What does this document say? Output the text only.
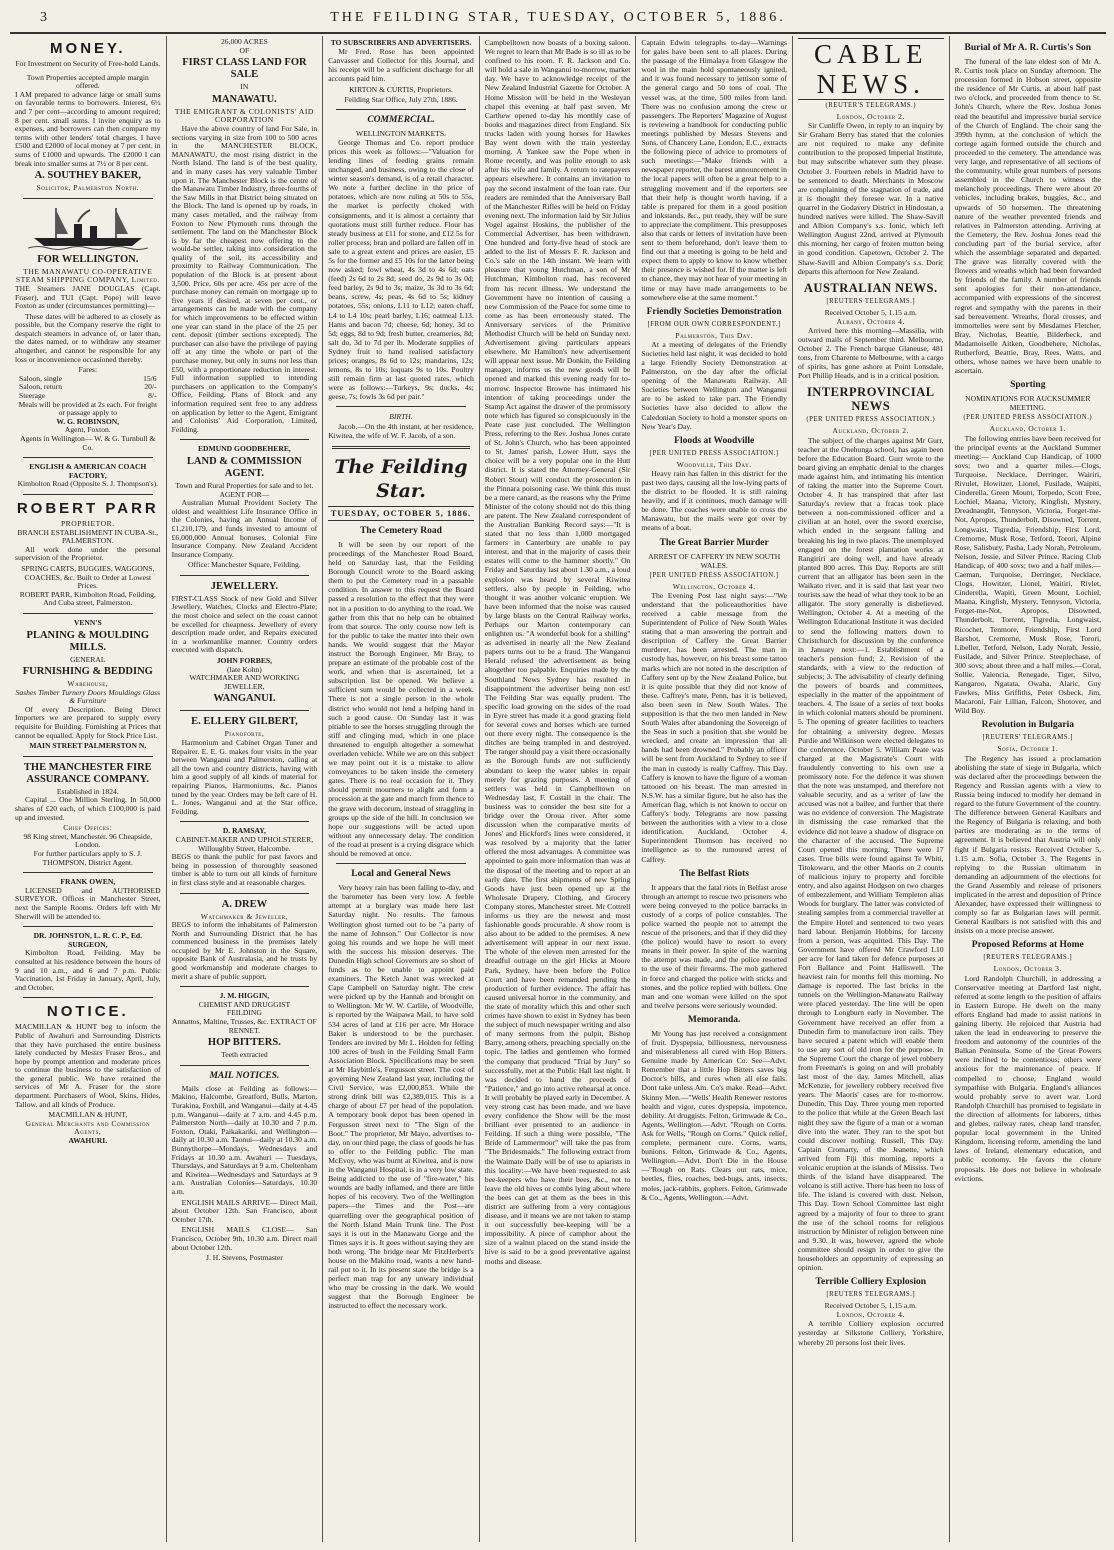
3	THE FEILDING STAR, TUESDAY, OCTOBER 5, 1886.
MONEY.
For Investment on Security of Free-hold Lands.
Town Properties accepted ample margin offered.

I AM prepared to advance large or small sums on favorable terms to borrowers. Interest, 6½ and 7 per cent—according to amount required; 8 per cent. small sums. I invite enquiry as to expenses, and borrowers can then compare my terms with other lenders' total charges. I have £500 and £2000 of local money at 7 per cent. in sums of £1000 and upwards. The £2000 I can break into smaller sums at 7½ or 8 per cent.

A. SOUTHEY BAKER,
Solicitor, Palmerston North.
FOR WELLINGTON.
THE MANAWATU CO-OPERATIVE STEAM SHIPPING COMPANY, Limited.

THE Steamers JANE DOUGLAS (Capt. Fraser), and TUI (Capt. Pope) will leave Foxton as under (circumstances permitting)—

These dates will be adhered to as closely as possible, but the Company reserve the right to despatch steamers in advance of, or later than, the dates named, or to withdraw any steamer altogether, and cannot be responsible for any loss or inconvenience occasioned thereby.

Fares:
Saloon, single	15/6
Saloon, return	20/-
Steerage	8/-
Meals will be provided at 2s each. For freight or passage apply to
W. G. ROBINSON,
Agent, Foxton.
Agents in Wellington— W. & G. Turnbull & Co.
ENGLISH & AMERICAN COACH FACTORY,
Kimbolton Road (Opposite S. J. Thompson's).
ROBERT PARR
PROPRIETOR.
BRANCH ESTABLISHMENT IN CUBA-St., PALMERSTON.

All work done under the personal supervision of the Proprietor.

SPRING CARTS, BUGGIES, WAGGONS, COACHES, &c. Built to Order at Lowest Prices.
ROBERT PARR, Kimbolton Road, Feilding, And Cuba street, Palmerston.
VENN'S
PLANING & MOULDING MILLS.
GENERAL
FURNISHING & BEDDING
Warehouse,
Sashes Timber Turnery Doors Mouldings Glass & Furniture

Of every Description. Being Direct Importers we are prepared to supply every requisite for Building. Furnishing at Prices that cannot be equalled. Apply for Stock Price List.

MAIN STREET PALMERSTON N.
THE MANCHESTER FIRE ASSURANCE COMPANY.
Established in 1824.

Capital ... One Million Sterling. In 50,000 shares of £20 each, of which £100,000 is paid up and invested.

Chief Offices:
98 King street, Manchester. 96 Cheapside, London.
For further particulars apply to S. J. THOMPSON, District Agent.
FRANK OWEN,

LICENSED and AUTHORISED SURVEYOR. Offices in Manchester Street, next the Sample Rooms. Orders left with Mr Sherwill will be attended to.

DR. JOHNSTON, L. R. C. P., Ed. SURGEON,

Kimbolton Road, Feilding. May be consulted at his residence between the hours of 9 and 10 a.m., and 6 and 7 p.m. Public Vaccination, 1st Friday in January, April, July, and October.

NOTICE.

MACMILLAN & HUNT beg to inform the Public of Awahuri and Surrounding Districts that they have purchased the entire business lately conducted by Messrs Fraser Bros., and hope by prompt attention and moderate prices to continue the business to the satisfaction of the general public. We have retained the services of Mr A. Fraser for the store department. Purchasers of Wool, Skins, Hides, Tallow, and all kinds of Produce.

MACMILLAN & HUNT,
General Merchants and Commission Agents,
AWAHURI.
26,000 ACRES
OF
FIRST CLASS LAND FOR SALE
IN
MANAWATU.
THE EMIGRANT & COLONISTS' AID CORPORATION

Have the above country of land For Sale, in sections varying in size from 100 to 500 acres in the MANCHESTER BLOCK, MANAWATU, the most rising district in the North Island. The land is of the best quality, and in many cases has very valuable Timber upon it. The Manchester Block is the centre of the Manawatu Timber Industry, three-fourths of the Saw Mills in that District being situated on the Block. The land is opened up by roads, in many cases metalled, and the railway from Foxton to New Plymouth runs through the settlement. The land on the Manchester Block is by far the cheapest now offering to the would-be settler, taking into consideration the quality of the soil, its accessibility and proximity to Railway Communication. The population of the Block is at present about 3,500. Price, 60s per acre. 45s per acre of the purchase money can remain on mortgage up to five years if desired, at seven per cent., or arrangements can be made with the company for which improvements to be effected within one year can stand in the place of the 25 per cent. deposit (timber sections excepted). The purchaser can also have the privilege of paying off at any time the whole or part of the purchase money, but only in sums not less than £50, with a proportionate reduction in interest. Full information supplied to intending purchasers on application to the Company's Office, Feilding. Plans of Block and any information required sent free to any address on application by letter to the Agent, Emigrant and Colonists' Aid Corporation, Limited, Feilding.

EDMUND GOODBEHERE,
LAND & COMMISSION AGENT.
Town and Rural Properties for sale and to let.
AGENT FOR—

Australian Mutual Provident Society The oldest and wealthiest Life Insurance Office in the Colonies, having an Annual Income of £1,210,179, and funds invested to amount of £6,000,000 Annual bonuses. Colonial Fire Insurance Company. New Zealand Accident Insurance Company.

Office: Manchester Square, Feilding.
JEWELLERY.

FIRST-CLASS Stock of new Gold and Silver Jewellery, Watches, Clocks and Electro-Plate; the most choice and select on the coast cannot be excelled for cheapness. Jewellery of every description made order, and Repairs executed in a workmanlike manner. Country orders executed with dispatch.

JOHN FORBES,
(late Kohn)
WATCHMAKER AND WORKING JEWELLER,
WANGANUI.
E. ELLERY GILBERT,
Pianoforte,

Harmonium and Cabinet Organ Tuner and Repairer. E. E. G. makes four visits in the year between Wanganui and Palmerston, calling at all the town and country districts, having with him a good supply of all kinds of material for repairing Pianos, Harmoniums, &c. Pianos tuned by the year. Orders may be left care of H. L. Jones, Wanganui and at the Star office, Feilding.

D. RAMSAY,
CABINET-MAKER AND UPHOLSTERER,
Willoughby Street, Halcombe.

BEGS to thank the public for past favors and being in possession of thoroughly seasoned timber is able to turn out all kinds of furniture in first class style and at reasonable charges.

A. DREW
Watchmaker & Jeweller,

BEGS to inform the inhabitants of Palmerston North and Surrounding District that he has commenced business in the premises lately occupied by Mr E. Johnston in the Square, opposite Bank of Australasia, and he trusts by good workmanship and moderate charges to merit a share of public support.

J. M. HIGGIN,
CHEMIST AND DRUGGIST
FEILDING
Annattos, Maltine, Trusses, &c. EXTRACT OF RENNET.
HOP BITTERS.
Teeth extracted
MAIL NOTICES.

Mails close at Feilding as follows:— Makino, Halcombe, Greatford, Bulls, Marton, Turakina, Foxhill, and Wanganui—daily at 4.45 p.m. Wanganui—daily at 7 a.m. and 4.45 p.m. Palmerston North—daily at 10.30 and 7 p.m. Foxton, Otaki, Paikakariki, and Wellington—daily at 10.30 a.m. Taonui—daily at 10.30 a.m. Bunnythorpe—Mondays, Wednesdays and Fridays at 10.30 a.m. Awahuri — Tuesdays, Thursdays, and Saturdays at 9 a.m. Cheltenham and Kiwitea—Wednesdays and Saturdays at 9 a.m. Australian Colonies—Saturdays, 10.30 a.m.

ENGLISH MAILS ARRIVE— Direct Mail, about October 12th. San Francisco, about October 17th.

ENGLISH MAILS CLOSE— San Francisco, October 9th, 10.30 a.m. Direct mail about October 12th.

J. H. Stevens, Postmaster
TO SUBSCRIBERS AND ADVERTISERS.

Mr Fred. Rose has been appointed Canvasser and Collector for this Journal, and his receipt will be a sufficient discharge for all accounts paid him.

KIRTON & CURTIS, Proprietors.
Feilding Star Office, July 27th, 1886.
COMMERCIAL.
WELLINGTON MARKETS.

George Thomas and Co. report produce prices this week as follows:—"Valuation for lending lines of feeding grains remain unchanged, and business, owing to the close of winter season's demand, is of a retail character. We note a further decline in the price of potatoes, which are now ruling at 50s to 55s, the market is perfectly choked with consignments, and it is almost a certainty that quotations must still further reduce. Flour has steady business at £11 for stone, and £12 5s for roller process; bran and pollard are fallen off in sale to a great extent and prices are easier, £5 5s for the former and £5 10s for the latter being now asked; fowl wheat, 4s 3d to 4s 6d; oats (feed) 2s 6d to 2s 8d; seed do, 2s 9d to 3s 0d; feed barley, 2s 9d to 3s; maize, 3s 3d to 3s 6d; beans, screw, 4s; peas, 4s 6d to 5s; kidney potatoes, 55s; onions, L11 to L12; eaten chaff, L4 to L4 10s; pearl barley, L16; oatmeal L13. Hams and bacon 7d; cheese, 6d; honey, 3d to 5d; eggs, 8d to 9d; fresh butter, creameries, 8d; salt do, 3d to 7d per lb. Moderate supplies of Sydney fruit to hand realised satisfactory prices; oranges, 8s 6d to 12s; mandarins, 12s; lemons, 8s to 10s; loquats 9s to 10s. Poultry still remain firm at last quoted rates, which were as follows:—Turkeys, 9s; ducks, 4s; geese, 7s; fowls 3s 6d per pair."

BIRTH.

Jacob.—On the 4th instant, at her residence, Kiwitea, the wife of W. F. Jacob, of a son.

The Feilding Star.
TUESDAY, OCTOBER 5, 1886.
The Cemetery Road

It will be seen by our report of the proceedings of the Manchester Road Board, held on Saturday last, that the Feilding Borough Council wrote to the Board asking them to put the Cemetery road in a passable condition. In answer to this request the Board passed a resolution to the effect that they were not in a position to do anything to the road. We gather from this that no help can be obtained from that source. The only course now left is for the public to take the matter into their own hands. We would suggest that the Mayor instruct the Borough Engineer, Mr Bray, to prepare an estimate of the probable cost of the work, and when that is ascertained, let a subscription list be opened. We believe a sufficient sum would be collected in a week. There is not a single person in the whole district who would not lend a helping hand in such a good cause. On Sunday last it was pitiable to see the horses struggling through the stiff and clinging mud, which in one place threatened to engulph altogether a somewhat overladen vehicle. While we are on this subject we may point out it is a mistake to allow conveyances to be taken inside the cemetery gates. There is no real occasion for it. They should permit mourners to alight and form a procession at the gate and march from thence to the grave with decorum, instead of straggling in groups up the side of the hill. In conclusion we hope our suggestions will be acted upon without any unnecessary delay. The condition of the road at present is a crying disgrace which should be removed at once.

Local and General News

Very heavy rain has been falling to-day, and the barometer has been very low. A feeble attempt at a burglary was made here last Saturday night. No results. The famous Wellington ghost turned out to be "a party of the name of Johnson." Our Collector is now going his rounds and we hope he will meet with the success his mission deserves. The Dunedin High school Governors are so short of funds as to be unable to appoint paid examiners. The Ketch Janet was wrecked at Cape Campbell on Saturday night. The crew were picked up by the Hannah and brought on to Wellington. Mr W. W. Carlile, of Woodville, is reported by the Waipawa Mail, to have sold 534 acres of land at £16 per acre. Mr Horace Baker is understood to be the purchaser. Tenders are invited by Mr L. Holden for felling 100 acres of bush in the Feilding Small Farm Association Block. Specifications may be seen at Mr Haybittle's, Fergusson street. The cost of governing New Zealand last year, including the Civil Service, was £2,000,853. While the strong drink bill was £2,389,015. This is a charge of about £7 per head of the population. A temporary book depot has been opened in Fergusson street next to "The Sign of the Boot." The proprietor, Mr Mayo, advertises to-day, on our third page, the class of goods he has to offer to the Feilding public. The man McEvoy, who was burnt at Kiwitea, and is now in the Wanganui Hospital, is in a very low state. Being addicted to the use of "fire-water," his wounds are badly inflamed, and there are little hopes of his recovery. Two of the Wellington papers—the Times and the Post—are quarrelling over the geographical position of the North Island Main Trunk line. The Post says it is out in the Manawatu Gorge and the Times says it is. It goes without saying they are both wrong. The bridge near Mr FitzHerbert's house on the Makino road, wants a new hand-rail put to it. In its present state the bridge is a perfect man trap for any unwary individual who may be crossing in the dark. We would suggest that the Borough Engineer be instructed to effect the necessary work.

Campbelltown now boasts of a boxing saloon. We regret to learn that Mr Bade is so ill as to be confined to his room. F. R. Jackson and Co. will hold a sale in Wanganui to-morrow, market day. We have to acknowledge receipt of the New Zealand Industrial Gazette for October. A Home Mission will be held in the Wesleyan chapel this evening at half past seven. Mr Carthew opened to-day his monthly case of books and magazines direct from England. Six trucks laden with young horses for Hawkes Bay went down with the train yesterday morning. A Yankee saw the Pope when in Rome recently, and was polite enough to ask after his wife and family. A return to ratepayers appears elsewhere. It contains an invitation to pay the second instalment of the loan rate. Our readers are reminded that the Anniversary Ball of the Manchester Rifles will be held on Friday evening next. The information laid by Sir Julius Vogel against Hoskins, the publisher of the Commercial Advertiser, has been withdrawn. One hundred and forty-five head of stock are added to the list of Messrs F. R. Jackson and Co.'s sale on the 14th instant. We learn with pleasure that young Hutchman, a son of Mr Hutchman, Kimbolton road, has recovered from his recent illness. We understand the Government have no intention of causing a new Commission of the Peace for some time to come as has been erroneously stated. The Anniversary services of the Primitive Methodist Church will be held on Sunday next. Advertisement giving particulars appears elsewhere. Mr Hamilton's new advertisement will appear next issue. Mr Donkin, the Feilding manager, informs us the new goods will be opened and marked this evening ready for to-morrow. Inspector Browne has intimated his intention of taking proceedings under the Stamp Act against the drawer of the promissory note which has figured so conspicuously in the Peate case just concluded. The Wellington Press, referring to the Rev. Joshua Jones curate of St. John's Church, who has been appointed to St. James' parish, Lower Hutt, says the choice will be a very popular one in the Hutt district. It is stated the Attorney-General (Sir Robert Stout) will conduct the prosecution in the Pinnara poisoning case. We think this must be a mere canard, as the reasons why the Prime Minister of the colony should not do this thing are patent. The New Zealand correspondent of the Australian Banking Record says:—"It is stated that no less than 1,000 mortgaged farmers in Canterbury are unable to pay interest, and that in the majority of cases their estates will come to the hammer shortly." On Friday and Saturday last about 1.30 a.m., a loud explosion was heard by several Kiwitea settlers, also by people in Feilding, who thought it was another volcanic eruption. We have been informed that the noise was caused by large blasts on the Central Railway works. Perhaps our Marton contemporary can enlighten us. "A wonderful book for a shilling" as advertised in nearly all the New Zealand papers turns out to be a fraud. The Wanganui Herald refused the advertisement as being altogether too palpable. Enquiries made by the Southland News Sydney has resulted in disappointment the advertiser being non est! The Feilding Star was equally prudent. The specific load growing on the sides of the road in Eyre street has made it a good grazing field for several cows and horses which are turned out there every night. The consequence is the ditches are being trampled in and destroyed. The ranger should pay a visit there occasionally as the Borough funds are not sufficiently abundant to keep the water tables in repair merely for grazing purposes. A meeting of settlers was held in Campbelltown on Wednesday last, F. Costall in the chair. The business was to consider the best site for a bridge over the Oroua river. After some discussion when the comparative merits of Jones' and Hickford's lines were considered, it was resolved by a majority that the latter offered the most advantages. A committee was appointed to gain more information than was at the disposal of the meeting and to report at an early date. The first shipments of new Spring Goods have just been opened up at the Wholesale Drapery, Clothing, and Grocery Company stores, Manchester street. Mr Cottrell informs us they are the newest and most fashionable goods procurable. A show room is also about to be added to the premises. A new advertisement will appear in our next issue. The whole of the eleven men arrested for the dreadful outrage on the girl Hicks at Moore Park, Sydney, have been before the Police Court and have been remanded pending the production of further evidence. The affair has caused universal horror in the community, and the state of morality which this and other such crimes have shown to exist in Sydney has been the subject of much newspaper writing and also of many sermons from the pulpit, Bishop Barry, among others, preaching specially on the topic. The ladies and gentlemen who formed the company that produced "Trial by Jury" so successfully, met at the Public Hall last night. It was decided to hand the proceeds of "Patience," and go into active rehearsal at once. It will probably be played early in December. A very strong cast has been made, and we have every confidence the Show will be the most brilliant ever presented to an audience in Feilding. If such a thing were possible, "The Bride of Lammermoor" will take the pas from "The Bridesmaids." The following extract from the Waimate Daily will be of use to apiarists in this locality:—We have been requested to ask bee-keepers who have their bees, &c., not to leave the old hives or combs lying about where the bees can get at them as the bees in this district are suffering from a very contagious disease, and it means we are not taken to stamp it out successfully bee-keeping will be a impossibility. A piece of camphor about the size of a walnut placed on the stand inside the hive is said to be a good preventative against moths and disease.

Captain Edwin telegraphs to-day—Warnings for gales have been sent to all places. During the passage of the Himalaya from Glasgow the wool in the main hold spontaneously ignited, and it was found necessary to jettison some of the general cargo and 50 tons of coal. The vessel was, at the time, 500 miles from land. There was no confusion among the crew or passengers. The Reporters' Magazine of August is reviewing a handbook for conducting public meetings published by Messrs Stevens and Sons, of Chancery Lane, London, E.C., extracts the following piece of advice to promoters of such meetings:—"Make friends with a newspaper reporter, the barest announcement in the local papers will often be a great help to a struggling movement and if the reporters see that their help is thought worth having, if a table is prepared for them in a good position and inkstands, &c., put ready, they will be sure to appreciate the compliment. This presupposes also that cards or letters of invitation have been sent to them beforehand, don't leave them to find out that a meeting is going to be held and expect them to apply to know to know whether their presence is wished for. If the matter is left to chance, they may not hear of your meeting in time or may have made arrangements to be somewhere else at the same moment."

Friendly Societies Demonstration
[FROM OUR OWN CORRESPONDENT.]
Palmerston, This Day.

At a meeting of delegates of the Friendly Societies held last night, it was decided to hold a large Friendly Society Demonstration at Palmerston, on the day after the official opening of the Manawatu Railway. All Societies between Wellington and Wanganui are to be asked to take part. The Friendly Societies have also decided to allow the Caledonian Society to hold a monster sports on New Year's Day.

Floods at Woodville
[PER UNITED PRESS ASSOCIATION.]
Woodville, This Day.

Heavy rain has fallen in this district for the past two days, causing all the low-lying parts of the district to be flooded. It is still raining heavily, and if it continues, much damage will be done. The coaches were unable to cross the Manawatu, but the mails were got over by means of a boat.

The Great Barrier Murder
ARREST OF CAFFERY IN NEW SOUTH WALES.
[PER UNITED PRESS ASSOCIATION.]
Wellington, October 4.

The Evening Post last night says:—"We understand that the policeauthorities have received a cable message from the Superintendent of Police of New South Wales stating that a man answering the portrait and description of Caffery the Great Barrier murderer, has been arrested. The man in custody has, however, on his breast some tattoo marks which are not noted in the description of Caffery sent up by the New Zealand Police, but it is quite possible that they did not know of these. Caffrey's mate, Penn, has it is believed, also been seen in New South Wales. The supposition is that the two men landed in New South Wales after abandoning the Sovereign of the Seas in such a position that she would be wrecked, and create an impression that all hands had been drowned." Probably an officer will be sent from Auckland to Sydney to see if the man in custody is really Caffrey. This Day. Caffery is known to have the figure of a woman tattooed on his breast. The man arrested in N.S.W. has a similar figure, but he also has the American flag, which is not known to occur on Caffery's body. Telegrams are now passing between the authorities with a view to a close identification. Auckland, October 4. Superintendent Thomson has received no intelligence as to the rumoured arrest of Caffrey.

The Belfast Riots

It appears that the fatal riots in Belfast arose through an attempt to rescue two prisoners who were being conveyed to the police barracks in custody of a corps of police constables. The police warned the people not to attempt the rescue of the prisoners, and that if they did they (the police) would have to resort to every means in their power. In spite of the warning the attempt was made, and the police resorted to the use of their firearms. The mob gathered in force and charged the police with sticks and stones, and the police replied with bullets. One man and one woman were killed on the spot and twelve persons were seriously wounded.

Memoranda.

Mr Young has just received a consignment of fruit. Dyspepsia, billiousness, nervousness and miserableness all cured with Hop Bitters. Genuine made by American Co. See—Advt. Remember that a little Hop Bitters saves big Doctor's bills, and cures when all else fails. Dont take unless Am. Co's make. Read—Advt. Skinny Men.—"Wells' Health Renewer restores health and vigor, cures dyspepsia, impotence, debility. At druggists. Felton, Grimwade & Co., Agents, Wellington.—Advt. "Rough on Corns. Ask for Wells, "Rough on Corns." Quick relief, complete, permanent cure. Corns, warts, bunions. Felton, Grimwade & Co., Agents, Wellington.—Advt. Don't Die in the House —"Rough on Rats. Clears out rats, mice, beetles, flies, roaches, bed-bugs, ants, insects, moles, jack-rabbits, gophers. Felton, Grimwade & Co., Agents, Wellington.—Advt.

CABLE NEWS.
(REUTER'S TELEGRAMS.)
London, October 2.

Sir Cunliffe Owen, in reply to an inquiry by Sir Graham Berry has stated that the colonies are not required to make any definite contribution to the proposed Imperial Institute, but may subscribe whatever sum they please. October 3. Fourteen rebels in Madrid have to be sentenced to death. Merchants in Moscow are complaining of the stagnation of trade, and it is thought they foresee war. In a native quarrel in the Godavery District in Hindostan, a hundred natives were killed. The Shaw-Savill and Albion Company's s.s. Ionic, which left Wellington August 22nd, arrived at Plymouth this morning, her cargo of frozen mutton being in good condition. Capetown, October 2. The Shaw-Savill and Albion Company's s.s. Doric departs this afternoon for New Zealand.

AUSTRALIAN NEWS.
[REUTERS TELEGRAMS.]
Received October 5, 1.15 a.m.
Albany, October 4.

Arrived here this morning—Massilia, with outward mails of September third. Melbourne, October 2. The French barque Glaneuse, 481 tons, from Charente to Melbourne, with a cargo of spirits, has gone ashore at Point Lonsdale, Port Phillip Heads, and is in a critical position.

INTERPROVINCIAL NEWS
(PER UNITED PRESS ASSOCIATION.)
Auckland, October 2.

The subject of the charges against Mr Gurr, teacher at the Onehunga school, has again been before the Education Board. Gurr wrote to the board giving an emphatic denial to the charges made against him, and intimating his intention of taking the matter into the Supreme Court. October 4. It has transpired that after last Saturday's review that a fracas took place between a non-commissioned officer and a civilian at an hotel, over the sword exercise, which ended in the sergeant falling and breaking his leg in two places. The unemployed engaged on the forest plantation works at Rangiriri are doing well, and have already planted 800 acres. This Day. Reports are still current that an alligator has been seen in the Waikato river, and it is said that last year two tourists saw the head of what they took to be an alligator. The story generally is disbelieved. Wellington, October 4. At a meeting of the Wellington Educational Institute it was decided to send the following matters down to Christchurch for discussion by the conference in January next:—1. Establishment of a teacher's pension fund; 2. Revision of the standards, with a view to the reduction of subjects; 3. The advisability of clearly defining the powers of boards and committees, especially in the matter of the appointment of teachers. 4. The issue of a series of text books in which colonial matters should be prominent. 5. The opening of greater facilities to teachers for obtaining a university degree. Messrs Purdie and Wilkinson were elected delegates to the conference. October 5. William Peate was charged at the Magistrate's Court with fraudulently converting to his own use a promissory note. For the defence it was shown that the note was unstamped, and therefore not valuable security, and as a writer of law the accused was not a bailee, and further that there was no evidence of conversion. The Magistrate in dismissing the case remarked that the evidence did not leave a shadow of disgrace on the character of the accused. The Supreme Court opened this morning. There were 17 cases. True bills were found against Te Whiti, Titokowaru, and the other Maoris on 2 counts of malicious injury to property and forcible entry, and also against Hodgson on two charges of embezzlement, and William Templeton alias Woods for burglary. The latter was convicted of stealing samples from a commercial traveller at the Empire Hotel and sentenced to two years hard labour. Benjamin Hobbins, for larceny from a person, was acquitted. This Day. The Government have offered Mr Crawford L10 per acre for land taken for defence purposes at Fort Ballance and Point Halliswell. The heaviest rain for months fell this morning. No damage is reported. The last bricks in the tunnels on the Wellington-Manawatu Railway were placed yesterday. The line will be open through to Longburn early in November. The Government have received an offer from a Dunedin firm to manufacture iron rails. They have secured a patent which will enable them to use any sort of old iron for the purpose. In the Supreme Court the charge of jewel robbery from Freeman's is going on and will probably last most of the day. James Mitchell, alias McKenzie, for jewellery robbery received five years. The Maoris' cases are for to-morrow. Dunedin, This Day. Three young men reported to the police that while at the Green Beach last night they saw the figure of a man or a woman dive into the water. They ran to the spot but could discover nothing. Russell, This Day. Captain Cromarty, of the Jeanette, which arrived from Fiji this morning, reports a volcanic eruption at the islands of Mississ. Two thirds of the island have disappeared. The volcano is still active. There has been no loss of life. The island is covered with dust. Nelson, This Day. Town School Committee last night agreed by a majority of four to three to grant the use of the school rooms for religious instruction by Minister of religion between nine and 9.30. It was, however, agreed the whole committee should resign in order to give the householders an opportunity of expressing an opinion.

Terrible Colliery Explosion
[REUTERS TELEGRAMS.]
Received October 5, 1.15 a.m.
London, October 4.

A terrible Colliery explosion occurred yesterday at Silkstone Colliery, Yorkshire, whereby 20 persons lost their lives.

Burial of Mr A. R. Curtis's Son

The funeral of the late eldest son of Mr A. R. Curtis took place on Sunday afternoon. The procession formed in Hobson street, opposite the residence of Mr Curtis, at about half past two o'clock, and proceeded from thence to St. John's Church, where the Rev. Joshua Jones read the beautiful and impressive burial service of the Church of England. The choir sang the 399th hymn, at the conclusion of which the cortege again formed outside the church and proceeded to the cemetery. The attendance was very large, and representative of all sections of the community, while great numbers of persons assembled in the Church to witness the melancholy proceedings. There were about 20 vehicles, including brakes, buggies, &c., and upwards of 50 horsemen. The threatening nature of the weather prevented friends and relatives in Palmerston attending. Arriving at the Cemetery, the Rev. Joshua Jones read the concluding part of the burial service, after which the assemblage separated and departed. The grave was literally covered with the flowers and wreaths which had been forwarded by friends of the family. A number of friends sent apologies for their non-attendance, accompanied with expressions of the sincerest regret and sympathy with the parents in their sad bereavement. Wreaths, floral crosses, and immortelles were sent by Mesdames Fletcher, Bray, Nicholas, Beattie, Bilderbeck, and Madamoiselle Aitken, Goodbehere, Nicholas, Rutherford, Beattie, Bray, Rees, Watts, and others, whose names we have been unable to ascertain.

Sporting
NOMINATIONS FOR AUCKSUMMER MEETING.
(PER UNITED PRESS ASSOCIATION.)
Auckland, October 1.

The following entries have been received for the principal events at the Auckland Summer meeting:— Auckland Cup Handicap, of 1000 sovs; two and a quarter miles.—Clogs, Turquoise, Necklace, Derringer, Wairiri, Rivulet, Howitzer, Lionel, Fusilade, Waipiti, Cinderella, Green Mount, Torpedo, Scott Free, Lochiel, Maana, Victory, Kingfish, Mystery, Dreadnaught, Tennyson, Victoria, Forget-me-Not, Apropos, Thunderbolt, Disowned, Torrent, Longwaist, Tigredia, Friendship, First Lord, Cremorne, Musk Rose, Tetford, Torori, Alpine Rose, Salisbury, Pasha, Lady Norah, Petroleum, Nelson, Jessie, and Silver Prince. Racing Club Handicap, of 400 sovs; two and a half miles.—Caeman, Turquoise, Derringer, Necklace, Clogs, Howitzer, Lionel, Waitiri, Rivlet, Cinderella, Wapiti, Green Mount, Lochiel, Maana, Kingfish, Mystery, Tennyson, Victoria, Forget-me-Not, Apropos, Disowned, Thunderbolt, Torrent, Tigredia, Longwaist, Ricochet, Tenmore, Friendship, First Lord Barshot, Cremorne, Musk Rose, Torori, Libeller, Tetford, Nelson, Lady Norah, Jessie, Fusilade, and Silver Prince. Steeplechase, of 300 sovs; about three and a half miles.—Coral, Sollie, Valencia, Renegade, Tiger, Silvo, Kangaroo, Ngatata, Owaha, Alaric, Guy Fawkes, Miss Griffiths, Peter Osbeck, Jim, Macaroni, Fair Lillian, Falcon, Shotover, and Wild Boy.

Revolution in Bulgaria
[REUTERS' TELEGRAMS.]
Sofia, October 1.

The Regency has issued a proclamation abolishing the state of siege in Bulgaria, which was declared after the proceedings between the Regency and Russian agents with a view to Russia being induced to modify her demand in regard to the future Government of the country. The difference between General Kaulbars and the Regency of Bulgaria is relaxing, and both parties are moderating as to the terms of agreement. It is believed that Austria will only fight if Bulgaria resists. Received October 5, 1.15 a.m. Sofia, October 3. The Regents in replying to the Russian ultimatum in demanding an adjournment of the elections for the Grand Assembly and release of prisoners implicated in the arrest and deposition of Prince Alexander, have expressed their willingness to comply so far as Bulgarian laws will permit. General Kaulbars is not satisfied with this and insists on a more precise answer.

Proposed Reforms at Home
[REUTERS TELEGRAMS.]
London, October 3.

Lord Randolph Churchill, in addressing a Conservative meeting at Dartford last night, referred at some length to the position of affairs in Eastern Europe. He dwelt on the many efforts England had made to assist nations in gaining liberty. He rejoiced that Austria had taken the lead in endeavoring to preserve the freedom and autonomy of the countries of the Balkan Peninsula. Some of the Great Powers were inclined to be contentious; others were anxious for the maintenance of peace. If compelled to choose, England would sympathise with Bulgaria. England's alliances would probably serve to avert war. Lord Randolph Churchill has promised to legislate in the direction of allotments for laborers, tithes and glebes, railway rates, cheap land transfer, popular local government in the United Kingdom, licensing reform, amending the land laws of Ireland, elementary education, and public economy. He favors the cloture proposals. He does not believe in wholesale evictions.
